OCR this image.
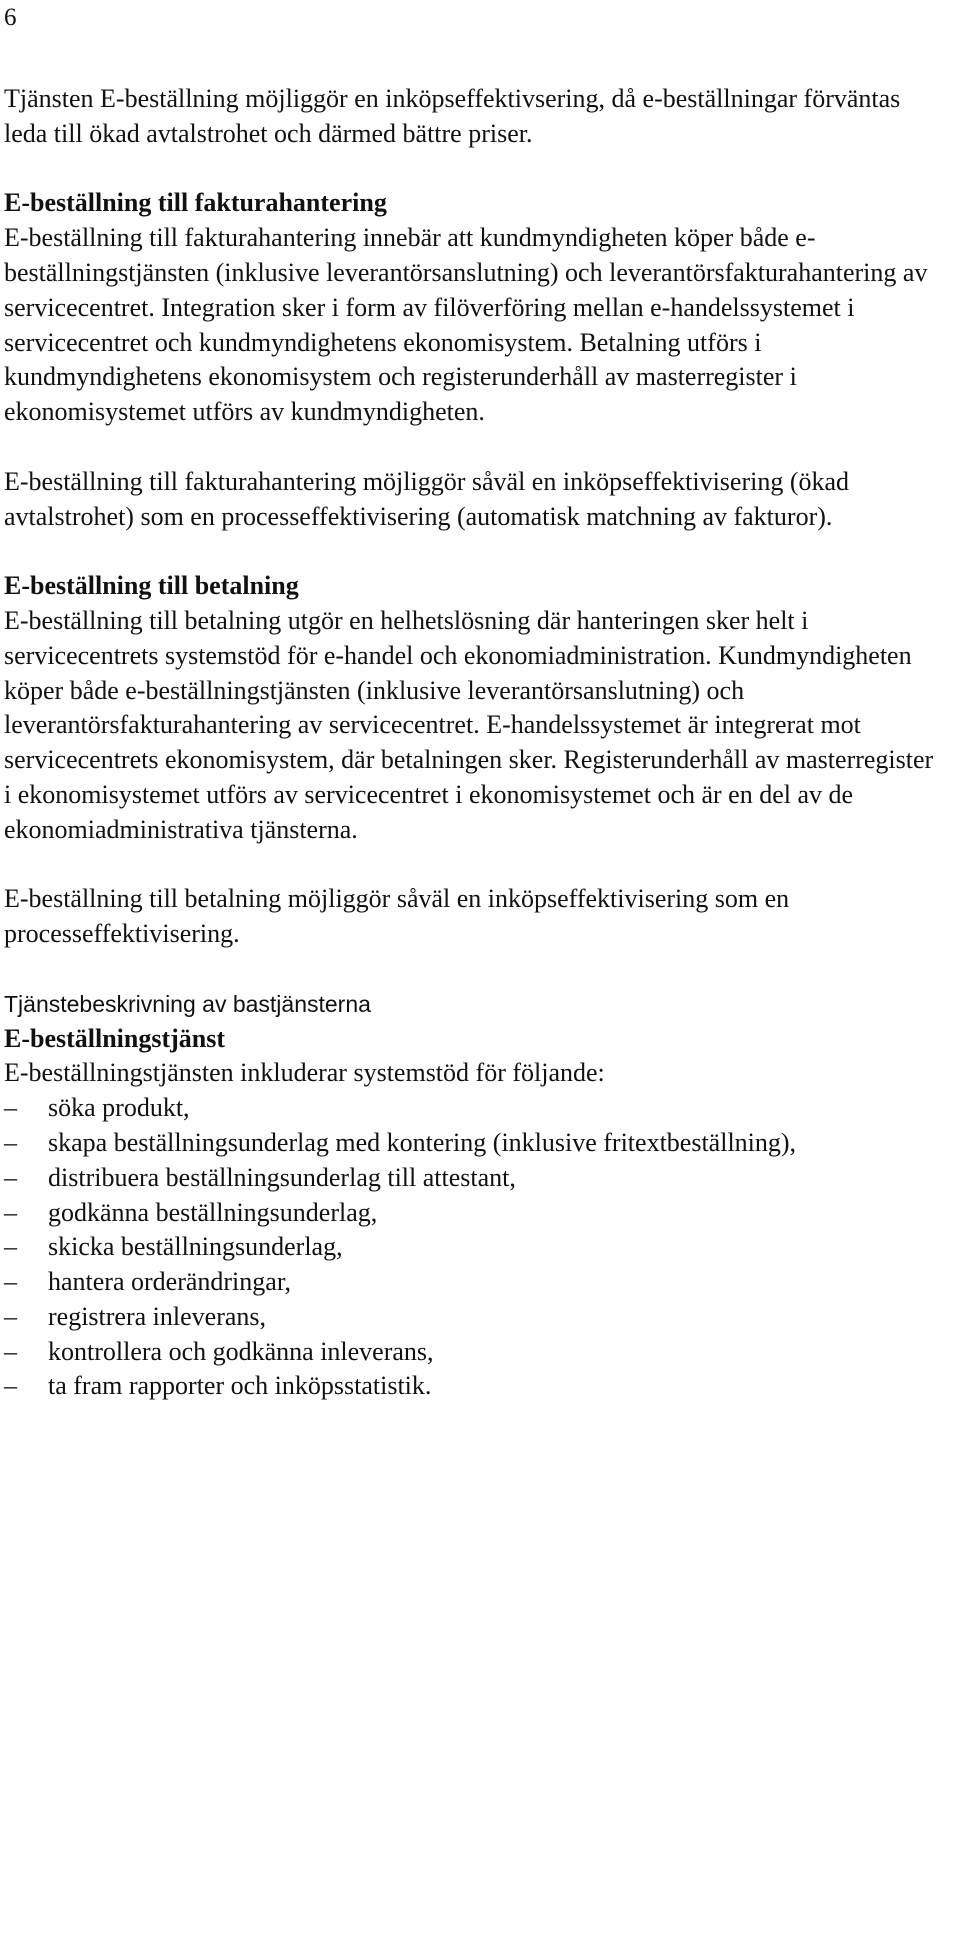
6

Tjänsten E-beställning möjliggör en inköpseffektivsering, då e-beställningar förväntas leda till ökad avtalstrohet och därmed bättre priser.

E-beställning till fakturahantering

E-beställning till fakturahantering innebär att kundmyndigheten köper både e-beställningstjänsten (inklusive leverantörsanslutning) och leverantörsfakturahantering av servicecentret. Integration sker i form av filöverföring mellan e-handelssystemet i servicecentret och kundmyndighetens ekonomisystem. Betalning utförs i kundmyndighetens ekonomisystem och registerunderhåll av masterregister i ekonomisystemet utförs av kundmyndigheten.

E-beställning till fakturahantering möjliggör såväl en inköpseffektivisering (ökad avtalstrohet) som en processeffektivisering (automatisk matchning av fakturor).

E-beställning till betalning

E-beställning till betalning utgör en helhetslösning där hanteringen sker helt i servicecentrets systemstöd för e-handel och ekonomiadministration. Kundmyndigheten köper både e-beställningstjänsten (inklusive leverantörsanslutning) och leverantörsfakturahantering av servicecentret. E-handelssystemet är integrerat mot servicecentrets ekonomisystem, där betalningen sker. Registerunderhåll av masterregister i ekonomisystemet utförs av servicecentret i ekonomisystemet och är en del av de ekonomiadministrativa tjänsterna.

E-beställning till betalning möjliggör såväl en inköpseffektivisering som en processeffektivisering.

Tjänstebeskrivning av bastjänsterna

E-beställningstjänst

E-beställningstjänsten inkluderar systemstöd för följande:

–	söka produkt,
–	skapa beställningsunderlag med kontering (inklusive fritextbeställning),
–	distribuera beställningsunderlag till attestant,
–	godkänna beställningsunderlag,
–	skicka beställningsunderlag,
–	hantera orderändringar,
–	registrera inleverans,
–	kontrollera och godkänna inleverans,
–	ta fram rapporter och inköpsstatistik.
